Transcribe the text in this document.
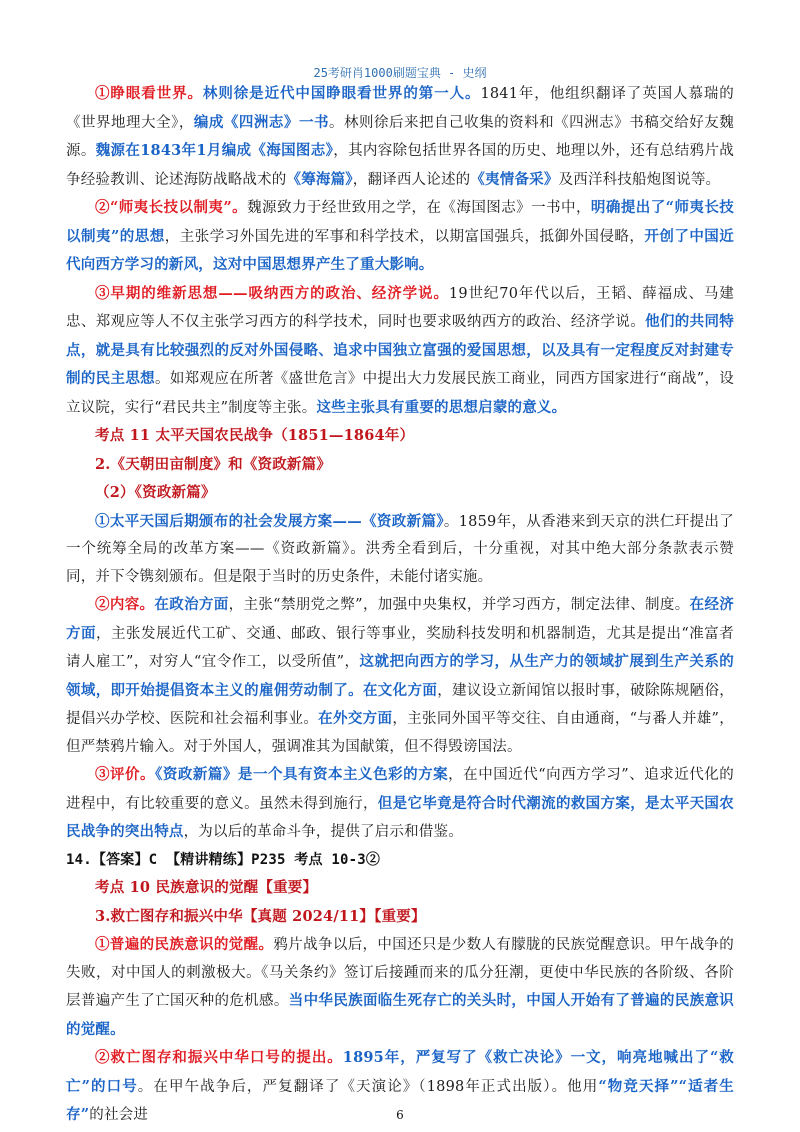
25考研肖1000刷题宝典 - 史纲

①睁眼看世界。林则徐是近代中国睁眼看世界的第一人。1841年，他组织翻译了英国人慕瑞的《世界地理大全》，编成《四洲志》一书。林则徐后来把自己收集的资料和《四洲志》书稿交给好友魏源。魏源在1843年1月编成《海国图志》，其内容除包括世界各国的历史、地理以外，还有总结鸦片战争经验教训、论述海防战略战术的《筹海篇》，翻译西人论述的《夷情备采》及西洋科技船炮图说等。

②“师夷长技以制夷”。魏源致力于经世致用之学，在《海国图志》一书中，明确提出了“师夷长技以制夷”的思想，主张学习外国先进的军事和科学技术，以期富国强兵，抵御外国侵略，开创了中国近代向西方学习的新风，这对中国思想界产生了重大影响。

③早期的维新思想——吸纳西方的政治、经济学说。19世纪70年代以后，王韬、薛福成、马建忠、郑观应等人不仅主张学习西方的科学技术，同时也要求吸纳西方的政治、经济学说。他们的共同特点，就是具有比较强烈的反对外国侵略、追求中国独立富强的爱国思想，以及具有一定程度反对封建专制的民主思想。如郑观应在所著《盛世危言》中提出大力发展民族工商业，同西方国家进行“商战”，设立议院，实行“君民共主”制度等主张。这些主张具有重要的思想启蒙的意义。

考点 11 太平天国农民战争（1851—1864年）

2.《天朝田亩制度》和《资政新篇》

（2）《资政新篇》

①太平天国后期颁布的社会发展方案——《资政新篇》。1859年，从香港来到天京的洪仁玕提出了一个统筹全局的改革方案——《资政新篇》。洪秀全看到后，十分重视，对其中绝大部分条款表示赞同，并下令镌刻颁布。但是限于当时的历史条件，未能付诸实施。

②内容。在政治方面，主张“禁朋党之弊”，加强中央集权，并学习西方，制定法律、制度。在经济方面，主张发展近代工矿、交通、邮政、银行等事业，奖励科技发明和机器制造，尤其是提出“准富者请人雇工”，对穷人“宜令作工，以受所值”，这就把向西方的学习，从生产力的领域扩展到生产关系的领域，即开始提倡资本主义的雇佣劳动制了。在文化方面，建议设立新闻馆以报时事，破除陈规陋俗，提倡兴办学校、医院和社会福利事业。在外交方面，主张同外国平等交往、自由通商，“与番人并雄”，但严禁鸦片输入。对于外国人，强调准其为国献策，但不得毁谤国法。

③评价。《资政新篇》是一个具有资本主义色彩的方案，在中国近代“向西方学习”、追求近代化的进程中，有比较重要的意义。虽然未得到施行，但是它毕竟是符合时代潮流的救国方案，是太平天国农民战争的突出特点，为以后的革命斗争，提供了启示和借鉴。

14.【答案】C 【精讲精练】P235 考点 10-3②

考点 10 民族意识的觉醒【重要】

3.救亡图存和振兴中华【真题 2024/11】【重要】

①普遍的民族意识的觉醒。鸦片战争以后，中国还只是少数人有朦胧的民族觉醒意识。甲午战争的失败，对中国人的刺激极大。《马关条约》签订后接踵而来的瓜分狂潮，更使中华民族的各阶级、各阶层普遍产生了亡国灭种的危机感。当中华民族面临生死存亡的关头时，中国人开始有了普遍的民族意识的觉醒。

②救亡图存和振兴中华口号的提出。1895年，严复写了《救亡决论》一文，响亮地喊出了“救亡”的口号。在甲午战争后，严复翻译了《天演论》（1898年正式出版）。他用“物竞天择”“适者生存”的社会进	6
